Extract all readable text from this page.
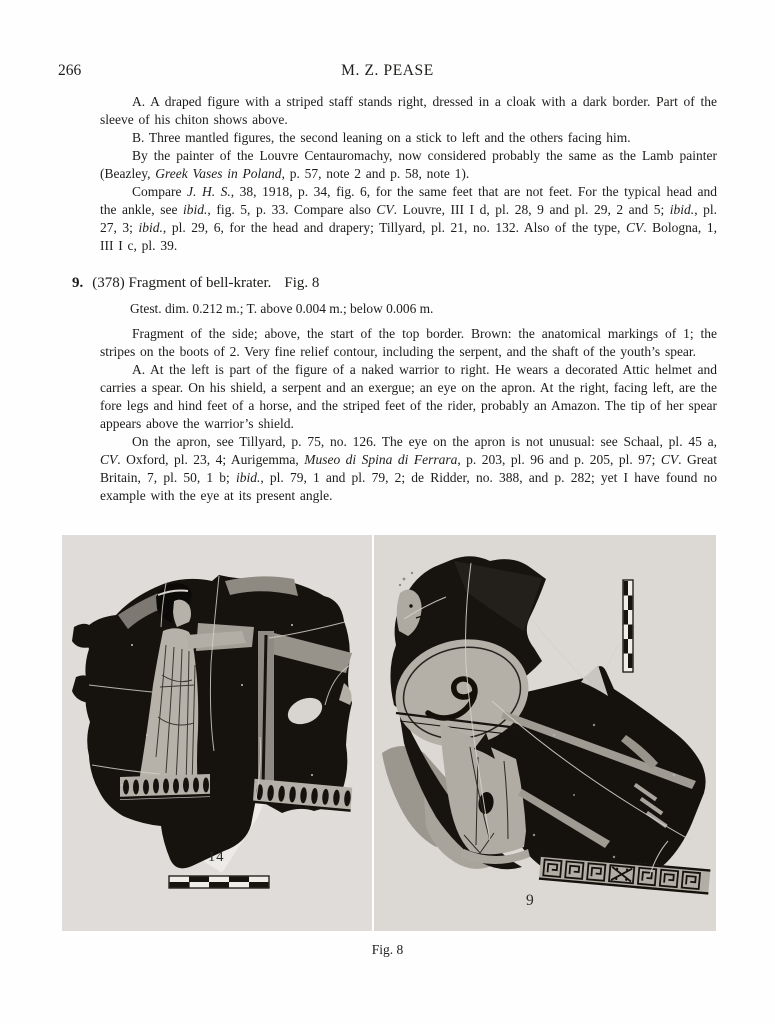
266	M. Z. PEASE

A. A draped figure with a striped staff stands right, dressed in a cloak with a dark border. Part of the sleeve of his chiton shows above.

B. Three mantled figures, the second leaning on a stick to left and the others facing him.

By the painter of the Louvre Centauromachy, now considered probably the same as the Lamb painter (Beazley, Greek Vases in Poland, p. 57, note 2 and p. 58, note 1).

Compare J. H. S., 38, 1918, p. 34, fig. 6, for the same feet that are not feet. For the typical head and the ankle, see ibid., fig. 5, p. 33. Compare also CV. Louvre, III I d, pl. 28, 9 and pl. 29, 2 and 5; ibid., pl. 27, 3; ibid., pl. 29, 6, for the head and drapery; Tillyard, pl. 21, no. 132. Also of the type, CV. Bologna, 1, III I c, pl. 39.

9. (378) Fragment of bell-krater. Fig. 8

Gtest. dim. 0.212 m.; T. above 0.004 m.; below 0.006 m.

Fragment of the side; above, the start of the top border. Brown: the anatomical markings of 1; the stripes on the boots of 2. Very fine relief contour, including the serpent, and the shaft of the youth’s spear.

A. At the left is part of the figure of a naked warrior to right. He wears a decorated Attic helmet and carries a spear. On his shield, a serpent and an exergue; an eye on the apron. At the right, facing left, are the fore legs and hind feet of a horse, and the striped feet of the rider, probably an Amazon. The tip of her spear appears above the warrior’s shield.

On the apron, see Tillyard, p. 75, no. 126. The eye on the apron is not unusual: see Schaal, pl. 45 a, CV. Oxford, pl. 23, 4; Aurigemma, Museo di Spina di Ferrara, p. 203, pl. 96 and p. 205, pl. 97; CV. Great Britain, 7, pl. 50, 1 b; ibid., pl. 79, 1 and pl. 79, 2; de Ridder, no. 388, and p. 282; yet I have found no example with the eye at its present angle.

14
9
Fig. 8
